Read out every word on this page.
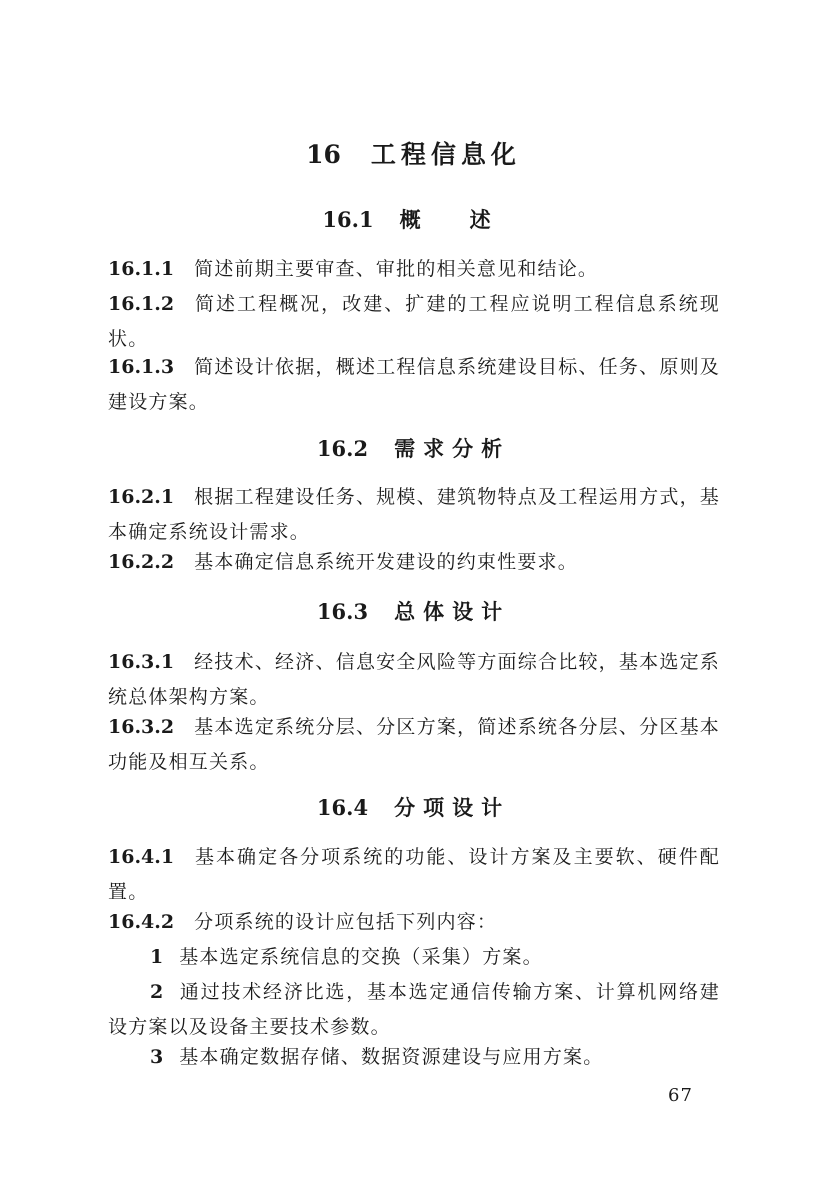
16 工程信息化
16.1 概　述
16.1.1 简述前期主要审查、审批的相关意见和结论。
16.1.2 简述工程概况，改建、扩建的工程应说明工程信息系统现状。
16.1.3 简述设计依据，概述工程信息系统建设目标、任务、原则及建设方案。
16.2 需求分析
16.2.1 根据工程建设任务、规模、建筑物特点及工程运用方式，基本确定系统设计需求。
16.2.2 基本确定信息系统开发建设的约束性要求。
16.3 总体设计
16.3.1 经技术、经济、信息安全风险等方面综合比较，基本选定系统总体架构方案。
16.3.2 基本选定系统分层、分区方案，简述系统各分层、分区基本功能及相互关系。
16.4 分项设计
16.4.1 基本确定各分项系统的功能、设计方案及主要软、硬件配置。
16.4.2 分项系统的设计应包括下列内容：
1 基本选定系统信息的交换（采集）方案。
2 通过技术经济比选，基本选定通信传输方案、计算机网络建设方案以及设备主要技术参数。
3 基本确定数据存储、数据资源建设与应用方案。
67
